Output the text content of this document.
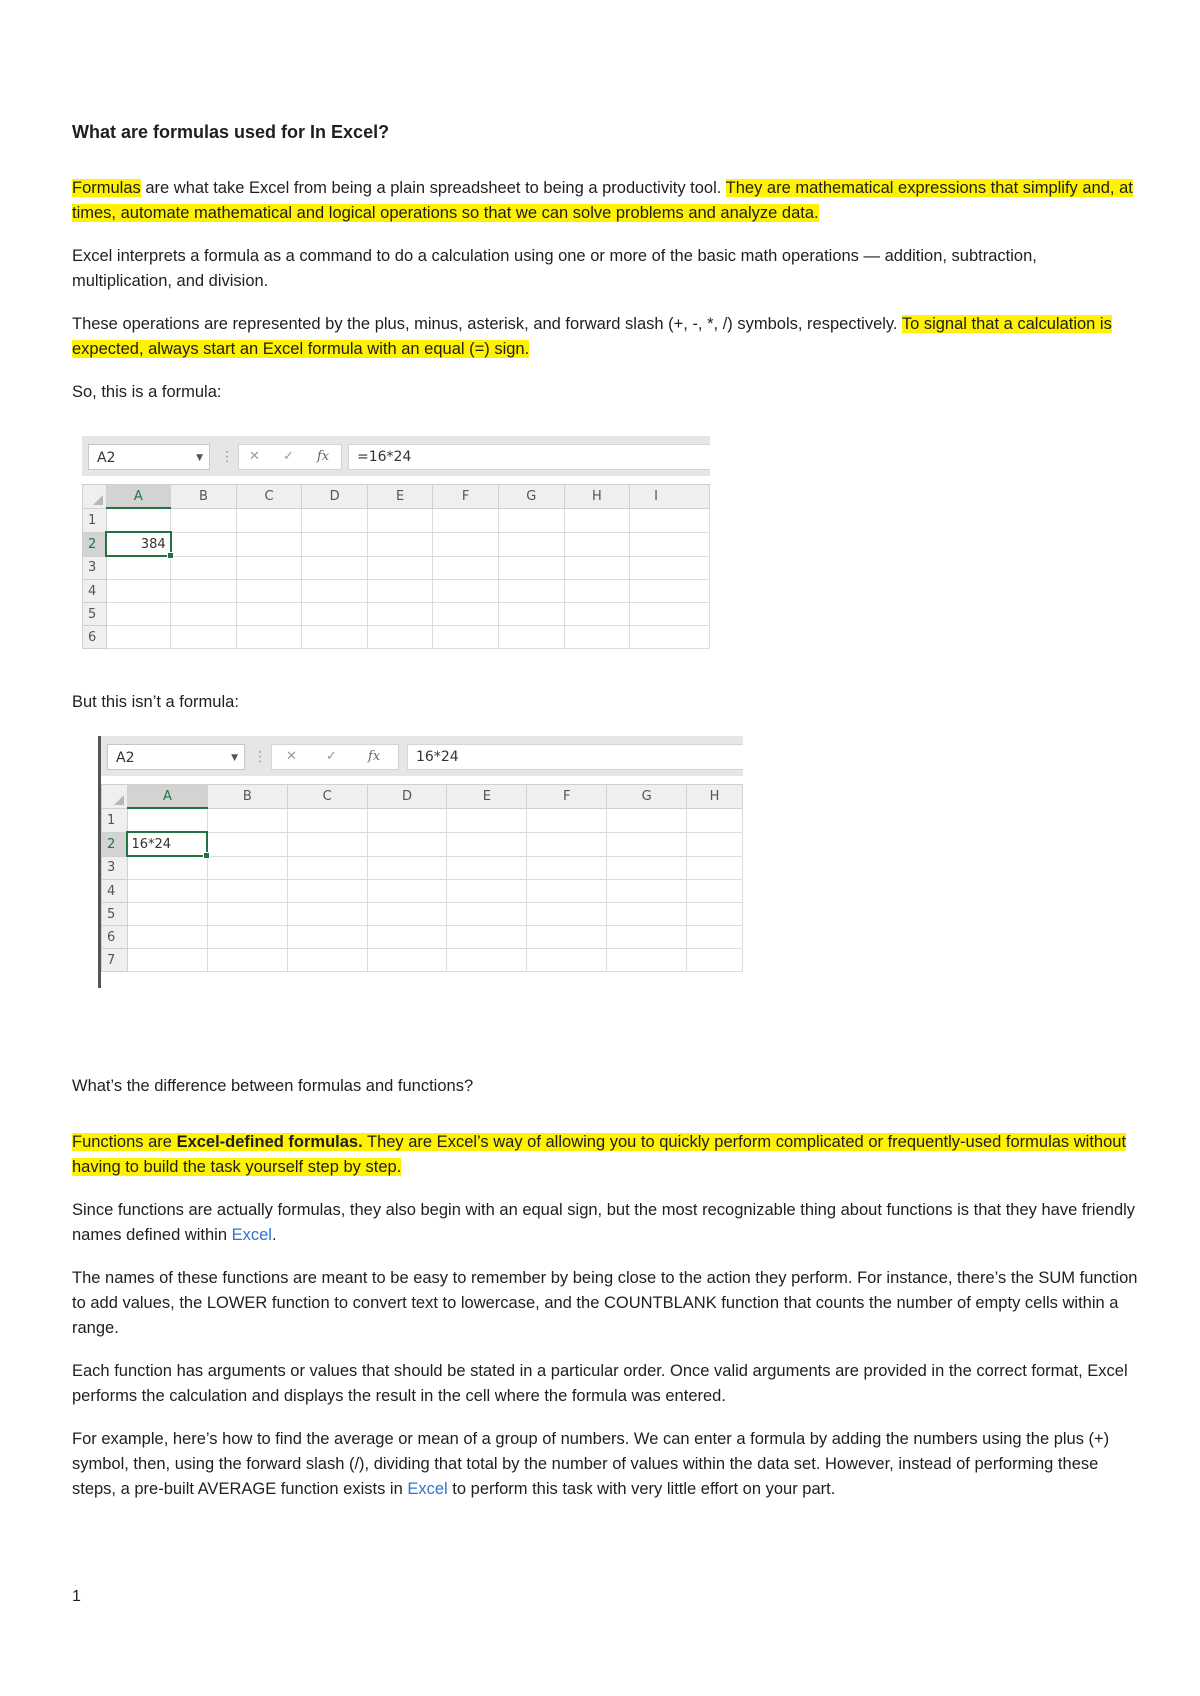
What are formulas used for In Excel?

Formulas are what take Excel from being a plain spreadsheet to being a productivity tool. They are mathematical expressions that simplify and, at times, automate mathematical and logical operations so that we can solve problems and analyze data.

Excel interprets a formula as a command to do a calculation using one or more of the basic math operations — addition, subtraction, multiplication, and division.

These operations are represented by the plus, minus, asterisk, and forward slash (+, -, *, /) symbols, respectively. To signal that a calculation is expected, always start an Excel formula with an equal (=) sign.

So, this is a formula:

A2	▼ ⋮ ✕ ✓ fx	=16*24
	A	B	C	D	E	F	G	H	I
1									
2	384								
3									
4									
5									
6									

But this isn’t a formula:

A2	▼ ⋮ ✕ ✓ fx	16*24
	A	B	C	D	E	F	G	H
1								
2	16*24							
3								
4								
5								
6								
7								

What’s the difference between formulas and functions?

Functions are Excel-defined formulas. They are Excel’s way of allowing you to quickly perform complicated or frequently-used formulas without having to build the task yourself step by step.

Since functions are actually formulas, they also begin with an equal sign, but the most recognizable thing about functions is that they have friendly names defined within Excel.

The names of these functions are meant to be easy to remember by being close to the action they perform. For instance, there’s the SUM function to add values, the LOWER function to convert text to lowercase, and the COUNTBLANK function that counts the number of empty cells within a range.

Each function has arguments or values that should be stated in a particular order. Once valid arguments are provided in the correct format, Excel performs the calculation and displays the result in the cell where the formula was entered.

For example, here’s how to find the average or mean of a group of numbers. We can enter a formula by adding the numbers using the plus (+) symbol, then, using the forward slash (/), dividing that total by the number of values within the data set. However, instead of performing these steps, a pre-built AVERAGE function exists in Excel to perform this task with very little effort on your part.

1
